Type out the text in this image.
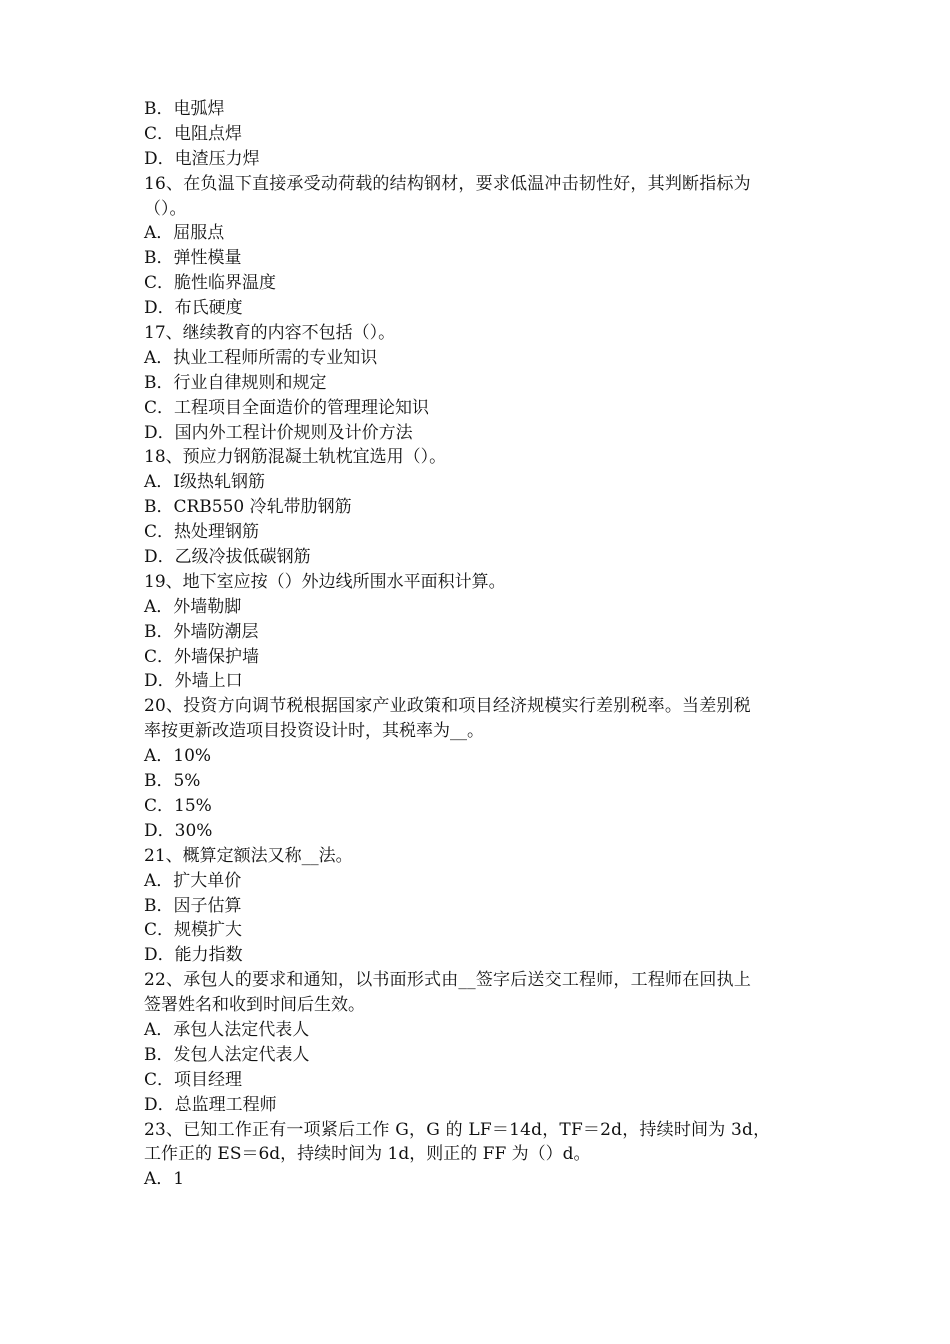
B．电弧焊
C．电阻点焊
D．电渣压力焊
16、在负温下直接承受动荷载的结构钢材，要求低温冲击韧性好，其判断指标为
（）。
A．屈服点
B．弹性模量
C．脆性临界温度
D．布氏硬度
17、继续教育的内容不包括（）。
A．执业工程师所需的专业知识
B．行业自律规则和规定
C．工程项目全面造价的管理理论知识
D．国内外工程计价规则及计价方法
18、预应力钢筋混凝土轨枕宜选用（）。
A．Ⅰ级热轧钢筋
B．CRB550 冷轧带肋钢筋
C．热处理钢筋
D．乙级冷拔低碳钢筋
19、地下室应按（）外边线所围水平面积计算。
A．外墙勒脚
B．外墙防潮层
C．外墙保护墙
D．外墙上口
20、投资方向调节税根据国家产业政策和项目经济规模实行差别税率。当差别税
率按更新改造项目投资设计时，其税率为__。
A．10%
B．5%
C．15%
D．30%
21、概算定额法又称__法。
A．扩大单价
B．因子估算
C．规模扩大
D．能力指数
22、承包人的要求和通知，以书面形式由__签字后送交工程师，工程师在回执上
签署姓名和收到时间后生效。
A．承包人法定代表人
B．发包人法定代表人
C．项目经理
D．总监理工程师
23、已知工作正有一项紧后工作 G，G 的 LF＝14d，TF＝2d，持续时间为 3d，
工作正的 ES＝6d，持续时间为 1d，则正的 FF 为（）d。
A．1
